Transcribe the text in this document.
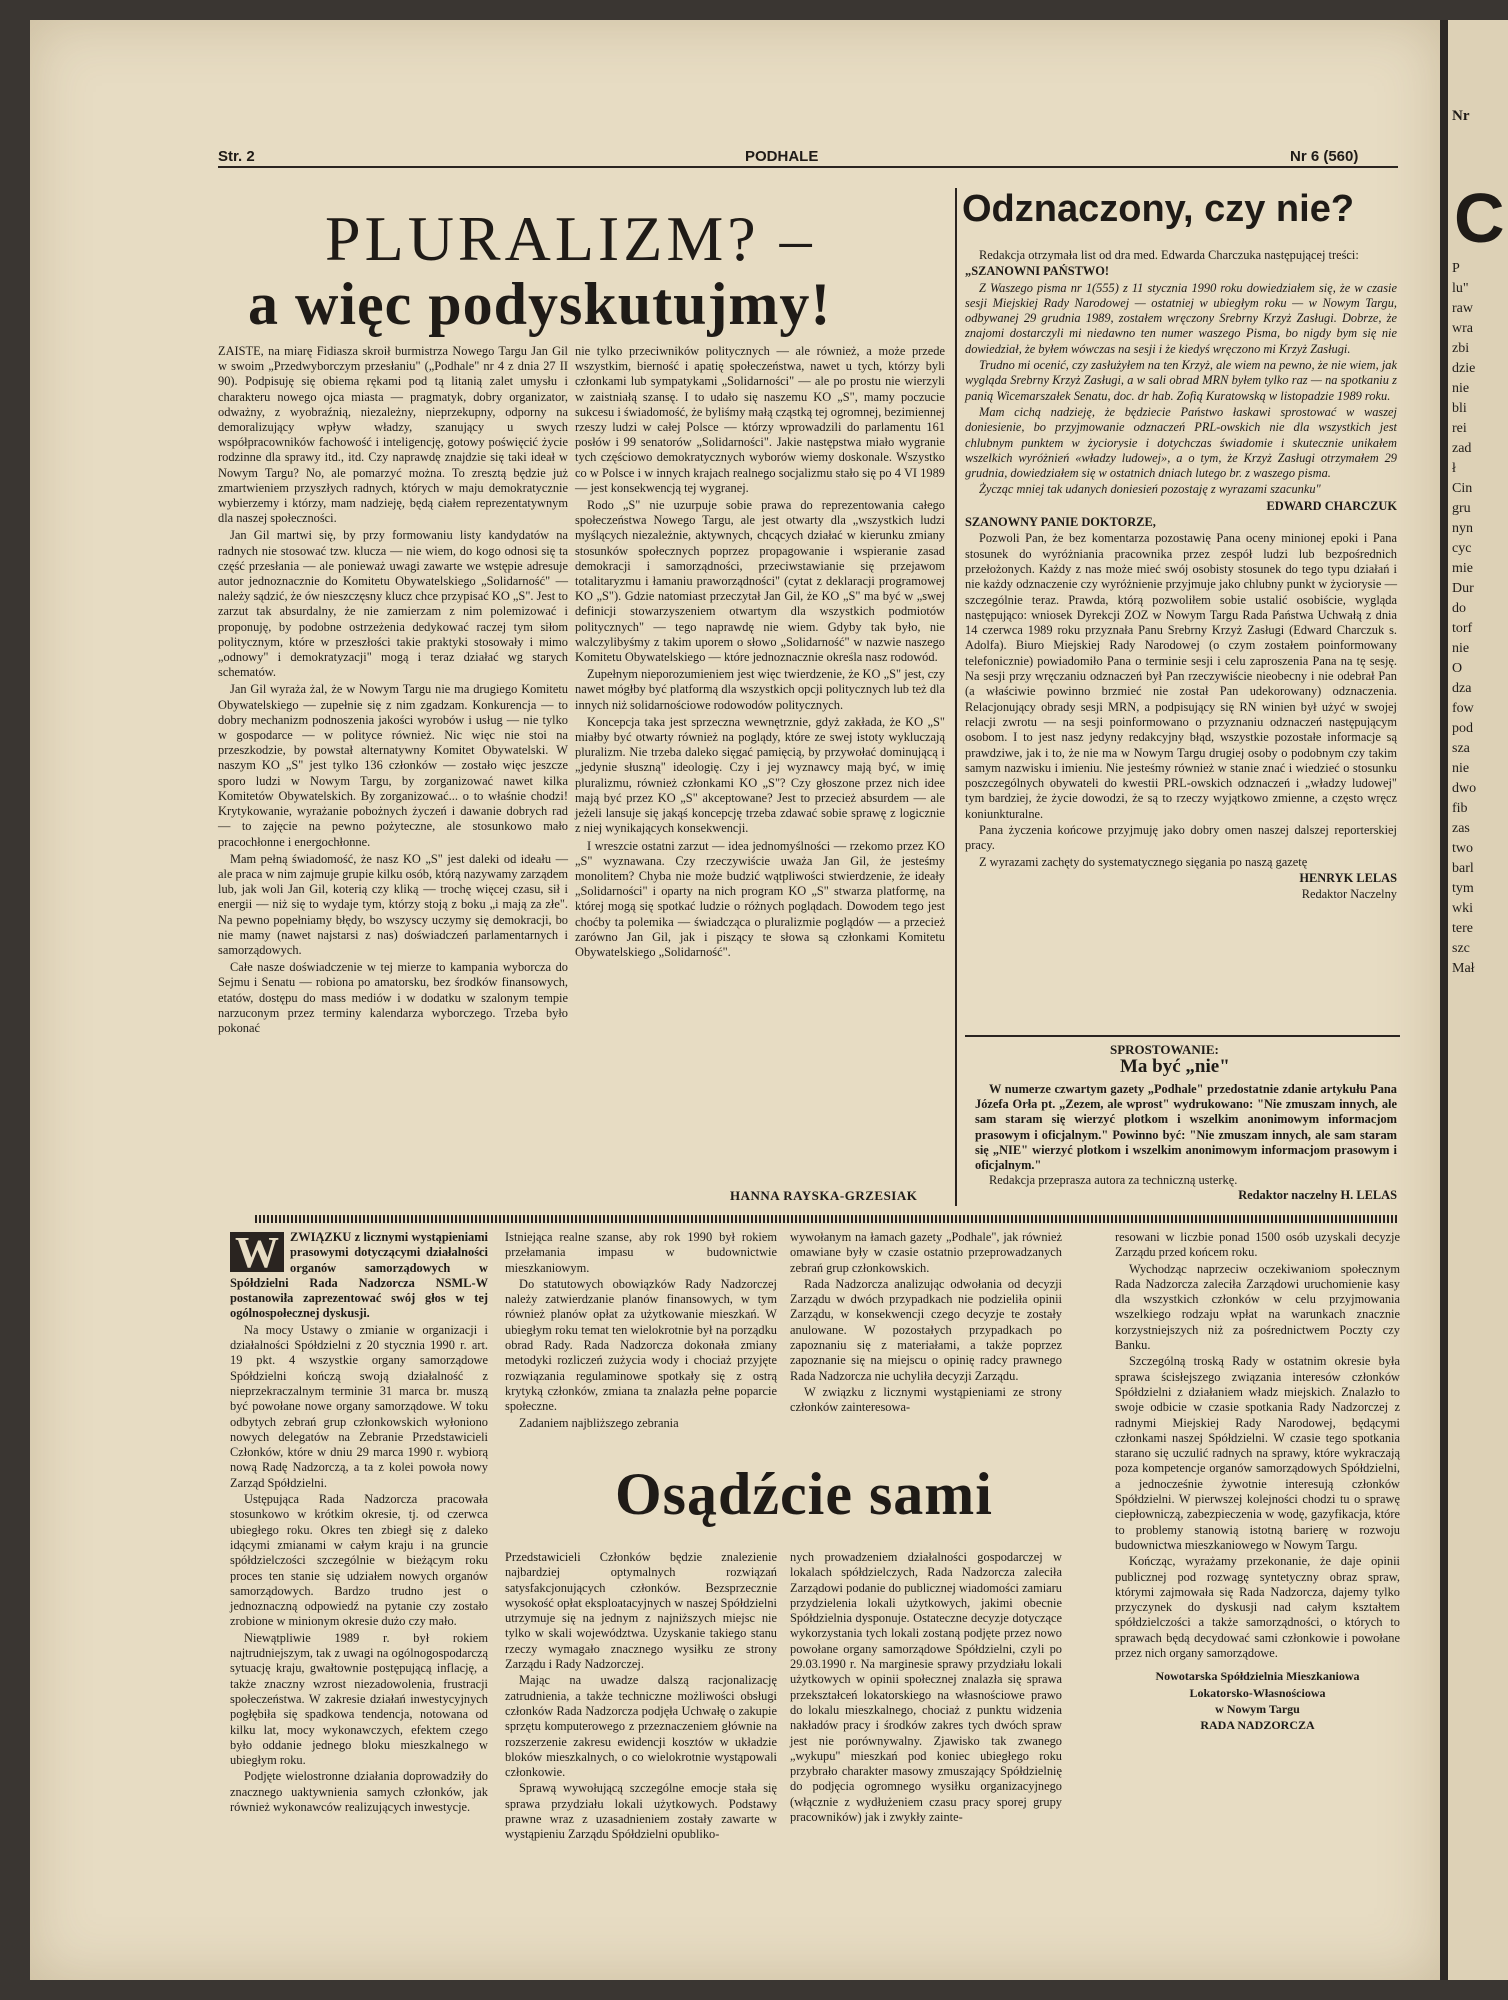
Str. 2	PODHALE	Nr 6 (560)
PLURALIZM? –
a więc podyskutujmy!

ZAISTE, na miarę Fidiasza skroił burmistrza Nowego Targu Jan Gil w swoim „Przedwyborczym przesłaniu" („Podhale" nr 4 z dnia 27 II 90). Podpisuję się obiema rękami pod tą litanią zalet umysłu i charakteru nowego ojca miasta — pragmatyk, dobry organizator, odważny, z wyobraźnią, niezależny, nieprzekupny, odporny na demoralizujący wpływ władzy, szanujący u swych współpracowników fachowość i inteligencję, gotowy poświęcić życie rodzinne dla sprawy itd., itd. Czy naprawdę znajdzie się taki ideał w Nowym Targu? No, ale pomarzyć można. To zresztą będzie już zmartwieniem przyszłych radnych, których w maju demokratycznie wybierzemy i którzy, mam nadzieję, będą ciałem reprezentatywnym dla naszej społeczności.

Jan Gil martwi się, by przy formowaniu listy kandydatów na radnych nie stosować tzw. klucza — nie wiem, do kogo odnosi się ta część przesłania — ale ponieważ uwagi zawarte we wstępie adresuje autor jednoznacznie do Komitetu Obywatelskiego „Solidarność" — należy sądzić, że ów nieszczęsny klucz chce przypisać KO „S". Jest to zarzut tak absurdalny, że nie zamierzam z nim polemizować i proponuję, by podobne ostrzeżenia dedykować raczej tym siłom politycznym, które w przeszłości takie praktyki stosowały i mimo „odnowy" i demokratyzacji" mogą i teraz działać wg starych schematów.

Jan Gil wyraża żal, że w Nowym Targu nie ma drugiego Komitetu Obywatelskiego — zupełnie się z nim zgadzam. Konkurencja — to dobry mechanizm podnoszenia jakości wyrobów i usług — nie tylko w gospodarce — w polityce również. Nic więc nie stoi na przeszkodzie, by powstał alternatywny Komitet Obywatelski. W naszym KO „S" jest tylko 136 członków — zostało więc jeszcze sporo ludzi w Nowym Targu, by zorganizować nawet kilka Komitetów Obywatelskich. By zorganizować... o to właśnie chodzi! Krytykowanie, wyrażanie pobożnych życzeń i dawanie dobrych rad — to zajęcie na pewno pożyteczne, ale stosunkowo mało pracochłonne i energochłonne.

Mam pełną świadomość, że nasz KO „S" jest daleki od ideału — ale praca w nim zajmuje grupie kilku osób, którą nazywamy zarządem lub, jak woli Jan Gil, koterią czy kliką — trochę więcej czasu, sił i energii — niż się to wydaje tym, którzy stoją z boku „i mają za złe". Na pewno popełniamy błędy, bo wszyscy uczymy się demokracji, bo nie mamy (nawet najstarsi z nas) doświadczeń parlamentarnych i samorządowych.

Całe nasze doświadczenie w tej mierze to kampania wyborcza do Sejmu i Senatu — robiona po amatorsku, bez środków finansowych, etatów, dostępu do mass mediów i w dodatku w szalonym tempie narzuconym przez terminy kalendarza wyborczego. Trzeba było pokonać

nie tylko przeciwników politycznych — ale również, a może przede wszystkim, bierność i apatię społeczeństwa, nawet u tych, którzy byli członkami lub sympatykami „Solidarności" — ale po prostu nie wierzyli w zaistniałą szansę. I to udało się naszemu KO „S", mamy poczucie sukcesu i świadomość, że byliśmy małą cząstką tej ogromnej, bezimiennej rzeszy ludzi w całej Polsce — którzy wprowadzili do parlamentu 161 posłów i 99 senatorów „Solidarności". Jakie następstwa miało wygranie tych częściowo demokratycznych wyborów wiemy doskonale. Wszystko co w Polsce i w innych krajach realnego socjalizmu stało się po 4 VI 1989 — jest konsekwencją tej wygranej.

Rodo „S" nie uzurpuje sobie prawa do reprezentowania całego społeczeństwa Nowego Targu, ale jest otwarty dla „wszystkich ludzi myślących niezależnie, aktywnych, chcących działać w kierunku zmiany stosunków społecznych poprzez propagowanie i wspieranie zasad demokracji i samorządności, przeciwstawianie się przejawom totalitaryzmu i łamaniu praworządności" (cytat z deklaracji programowej KO „S"). Gdzie natomiast przeczytał Jan Gil, że KO „S" ma być w „swej definicji stowarzyszeniem otwartym dla wszystkich podmiotów politycznych" — tego naprawdę nie wiem. Gdyby tak było, nie walczylibyśmy z takim uporem o słowo „Solidarność" w nazwie naszego Komitetu Obywatelskiego — które jednoznacznie określa nasz rodowód.

Zupełnym nieporozumieniem jest więc twierdzenie, że KO „S" jest, czy nawet mógłby być platformą dla wszystkich opcji politycznych lub też dla innych niż solidarnościowe rodowodów politycznych.

Koncepcja taka jest sprzeczna wewnętrznie, gdyż zakłada, że KO „S" miałby być otwarty również na poglądy, które ze swej istoty wykluczają pluralizm. Nie trzeba daleko sięgać pamięcią, by przywołać dominującą i „jedynie słuszną" ideologię. Czy i jej wyznawcy mają być, w imię pluralizmu, również członkami KO „S"? Czy głoszone przez nich idee mają być przez KO „S" akceptowane? Jest to przecież absurdem — ale jeżeli lansuje się jakąś koncepcję trzeba zdawać sobie sprawę z logicznie z niej wynikających konsekwencji.

I wreszcie ostatni zarzut — idea jednomyślności — rzekomo przez KO „S" wyznawana. Czy rzeczywiście uważa Jan Gil, że jesteśmy monolitem? Chyba nie może budzić wątpliwości stwierdzenie, że ideały „Solidarności" i oparty na nich program KO „S" stwarza platformę, na której mogą się spotkać ludzie o różnych poglądach. Dowodem tego jest choćby ta polemika — świadcząca o pluralizmie poglądów — a przecież zarówno Jan Gil, jak i piszący te słowa są członkami Komitetu Obywatelskiego „Solidarność".

HANNA RAYSKA-GRZESIAK
Odznaczony, czy nie?

Redakcja otrzymała list od dra med. Edwarda Charczuka następującej treści:

„SZANOWNI PAŃSTWO!

Z Waszego pisma nr 1(555) z 11 stycznia 1990 roku dowiedziałem się, że w czasie sesji Miejskiej Rady Narodowej — ostatniej w ubiegłym roku — w Nowym Targu, odbywanej 29 grudnia 1989, zostałem wręczony Srebrny Krzyż Zasługi. Dobrze, że znajomi dostarczyli mi niedawno ten numer waszego Pisma, bo nigdy bym się nie dowiedział, że byłem wówczas na sesji i że kiedyś wręczono mi Krzyż Zasługi.

Trudno mi ocenić, czy zasłużyłem na ten Krzyż, ale wiem na pewno, że nie wiem, jak wygląda Srebrny Krzyż Zasługi, a w sali obrad MRN byłem tylko raz — na spotkaniu z panią Wicemarszałek Senatu, doc. dr hab. Zofią Kuratowską w listopadzie 1989 roku.

Mam cichą nadzieję, że będziecie Państwo łaskawi sprostować w waszej doniesienie, bo przyjmowanie odznaczeń PRL-owskich nie dla wszystkich jest chlubnym punktem w życiorysie i dotychczas świadomie i skutecznie unikałem wszelkich wyróżnień «władzy ludowej», a o tym, że Krzyż Zasługi otrzymałem 29 grudnia, dowiedziałem się w ostatnich dniach lutego br. z waszego pisma.

Życząc mniej tak udanych doniesień pozostaję z wyrazami szacunku"

EDWARD CHARCZUK

SZANOWNY PANIE DOKTORZE,

Pozwoli Pan, że bez komentarza pozostawię Pana oceny minionej epoki i Pana stosunek do wyróżniania pracownika przez zespół ludzi lub bezpośrednich przełożonych. Każdy z nas może mieć swój osobisty stosunek do tego typu działań i nie każdy odznaczenie czy wyróżnienie przyjmuje jako chlubny punkt w życiorysie — szczególnie teraz. Prawda, którą pozwoliłem sobie ustalić osobiście, wygląda następująco: wniosek Dyrekcji ZOZ w Nowym Targu Rada Państwa Uchwałą z dnia 14 czerwca 1989 roku przyznała Panu Srebrny Krzyż Zasługi (Edward Charczuk s. Adolfa). Biuro Miejskiej Rady Narodowej (o czym zostałem poinformowany telefonicznie) powiadomiło Pana o terminie sesji i celu zaproszenia Pana na tę sesję. Na sesji przy wręczaniu odznaczeń był Pan rzeczywiście nieobecny i nie odebrał Pan (a właściwie powinno brzmieć nie został Pan udekorowany) odznaczenia. Relacjonujący obrady sesji MRN, a podpisujący się RN winien był użyć w swojej relacji zwrotu — na sesji poinformowano o przyznaniu odznaczeń następującym osobom. I to jest nasz jedyny redakcyjny błąd, wszystkie pozostałe informacje są prawdziwe, jak i to, że nie ma w Nowym Targu drugiej osoby o podobnym czy takim samym nazwisku i imieniu. Nie jesteśmy również w stanie znać i wiedzieć o stosunku poszczególnych obywateli do kwestii PRL-owskich odznaczeń i „władzy ludowej" tym bardziej, że życie dowodzi, że są to rzeczy wyjątkowo zmienne, a często wręcz koniunkturalne.

Pana życzenia końcowe przyjmuję jako dobry omen naszej dalszej reporterskiej pracy.

Z wyrazami zachęty do systematycznego sięgania po naszą gazetę

HENRYK LELAS

Redaktor Naczelny

SPROSTOWANIE:
Ma być „nie"

W numerze czwartym gazety „Podhale" przedostatnie zdanie artykułu Pana Józefa Orła pt. „Zezem, ale wprost" wydrukowano: "Nie zmuszam innych, ale sam staram się wierzyć plotkom i wszelkim anonimowym informacjom prasowym i oficjalnym." Powinno być: "Nie zmuszam innych, ale sam staram się „NIE" wierzyć plotkom i wszelkim anonimowym informacjom prasowym i oficjalnym."

Redakcja przeprasza autora za techniczną usterkę.

Redaktor naczelny H. LELAS

W ZWIĄZKU z licznymi wystąpieniami prasowymi dotyczącymi działalności organów samorządowych w Spółdzielni Rada Nadzorcza NSML-W postanowiła zaprezentować swój głos w tej ogólnospołecznej dyskusji.

Na mocy Ustawy o zmianie w organizacji i działalności Spółdzielni z 20 stycznia 1990 r. art. 19 pkt. 4 wszystkie organy samorządowe Spółdzielni kończą swoją działalność z nieprzekraczalnym terminie 31 marca br. muszą być powołane nowe organy samorządowe. W toku odbytych zebrań grup członkowskich wyłoniono nowych delegatów na Zebranie Przedstawicieli Członków, które w dniu 29 marca 1990 r. wybiorą nową Radę Nadzorczą, a ta z kolei powoła nowy Zarząd Spółdzielni.

Ustępująca Rada Nadzorcza pracowała stosunkowo w krótkim okresie, tj. od czerwca ubiegłego roku. Okres ten zbiegł się z daleko idącymi zmianami w całym kraju i na gruncie spółdzielczości szczególnie w bieżącym roku proces ten stanie się udziałem nowych organów samorządowych. Bardzo trudno jest o jednoznaczną odpowiedź na pytanie czy zostało zrobione w minionym okresie dużo czy mało.

Niewątpliwie 1989 r. był rokiem najtrudniejszym, tak z uwagi na ogólnogospodarczą sytuację kraju, gwałtownie postępującą inflację, a także znaczny wzrost niezadowolenia, frustracji społeczeństwa. W zakresie działań inwestycyjnych pogłębiła się spadkowa tendencja, notowana od kilku lat, mocy wykonawczych, efektem czego było oddanie jednego bloku mieszkalnego w ubiegłym roku.

Podjęte wielostronne działania doprowadziły do znacznego uaktywnienia samych członków, jak również wykonawców realizujących inwestycje.

Istniejąca realne szanse, aby rok 1990 był rokiem przełamania impasu w budownictwie mieszkaniowym.

Do statutowych obowiązków Rady Nadzorczej należy zatwierdzanie planów finansowych, w tym również planów opłat za użytkowanie mieszkań. W ubiegłym roku temat ten wielokrotnie był na porządku obrad Rady. Rada Nadzorcza dokonała zmiany metodyki rozliczeń zużycia wody i chociaż przyjęte rozwiązania regulaminowe spotkały się z ostrą krytyką członków, zmiana ta znalazła pełne poparcie społeczne.

Zadaniem najbliższego zebrania

wywołanym na łamach gazety „Podhale", jak również omawiane były w czasie ostatnio przeprowadzanych zebrań grup członkowskich.

Rada Nadzorcza analizując odwołania od decyzji Zarządu w dwóch przypadkach nie podzieliła opinii Zarządu, w konsekwencji czego decyzje te zostały anulowane. W pozostałych przypadkach po zapoznaniu się z materiałami, a także poprzez zapoznanie się na miejscu o opinię radcy prawnego Rada Nadzorcza nie uchyliła decyzji Zarządu.

W związku z licznymi wystąpieniami ze strony członków zainteresowa-

Osądźcie sami

Przedstawicieli Członków będzie znalezienie najbardziej optymalnych rozwiązań satysfakcjonujących członków. Bezsprzecznie wysokość opłat eksploatacyjnych w naszej Spółdzielni utrzymuje się na jednym z najniższych miejsc nie tylko w skali województwa. Uzyskanie takiego stanu rzeczy wymagało znacznego wysiłku ze strony Zarządu i Rady Nadzorczej.

Mając na uwadze dalszą racjonalizację zatrudnienia, a także techniczne możliwości obsługi członków Rada Nadzorcza podjęła Uchwałę o zakupie sprzętu komputerowego z przeznaczeniem głównie na rozszerzenie zakresu ewidencji kosztów w układzie bloków mieszkalnych, o co wielokrotnie wystąpowali członkowie.

Sprawą wywołującą szczególne emocje stała się sprawa przydziału lokali użytkowych. Podstawy prawne wraz z uzasadnieniem zostały zawarte w wystąpieniu Zarządu Spółdzielni opubliko-

nych prowadzeniem działalności gospodarczej w lokalach spółdzielczych, Rada Nadzorcza zaleciła Zarządowi podanie do publicznej wiadomości zamiaru przydzielenia lokali użytkowych, jakimi obecnie Spółdzielnia dysponuje. Ostateczne decyzje dotyczące wykorzystania tych lokali zostaną podjęte przez nowo powołane organy samorządowe Spółdzielni, czyli po 29.03.1990 r. Na marginesie sprawy przydziału lokali użytkowych w opinii społecznej znalazła się sprawa przekształceń lokatorskiego na własnościowe prawo do lokalu mieszkalnego, chociaż z punktu widzenia nakładów pracy i środków zakres tych dwóch spraw jest nie porównywalny. Zjawisko tak zwanego „wykupu" mieszkań pod koniec ubiegłego roku przybrało charakter masowy zmuszający Spółdzielnię do podjęcia ogromnego wysiłku organizacyjnego (włącznie z wydłużeniem czasu pracy sporej grupy pracowników) jak i zwykły zainte-

resowani w liczbie ponad 1500 osób uzyskali decyzje Zarządu przed końcem roku.

Wychodząc naprzeciw oczekiwaniom społecznym Rada Nadzorcza zaleciła Zarządowi uruchomienie kasy dla wszystkich członków w celu przyjmowania wszelkiego rodzaju wpłat na warunkach znacznie korzystniejszych niż za pośrednictwem Poczty czy Banku.

Szczególną troską Rady w ostatnim okresie była sprawa ścisłejszego związania interesów członków Spółdzielni z działaniem władz miejskich. Znalazło to swoje odbicie w czasie spotkania Rady Nadzorczej z radnymi Miejskiej Rady Narodowej, będącymi członkami naszej Spółdzielni. W czasie tego spotkania starano się uczulić radnych na sprawy, które wykraczają poza kompetencje organów samorządowych Spółdzielni, a jednocześnie żywotnie interesują członków Spółdzielni. W pierwszej kolejności chodzi tu o sprawę ciepłowniczą, zabezpieczenia w wodę, gazyfikacja, które to problemy stanowią istotną barierę w rozwoju budownictwa mieszkaniowego w Nowym Targu.

Kończąc, wyrażamy przekonanie, że daje opinii publicznej pod rozwagę syntetyczny obraz spraw, którymi zajmowała się Rada Nadzorcza, dajemy tylko przyczynek do dyskusji nad całym kształtem spółdzielczości a także samorządności, o których to sprawach będą decydować sami członkowie i powołane przez nich organy samorządowe.

Nowotarska Spółdzielnia Mieszkaniowa

Lokatorsko-Własnościowa

w Nowym Targu

RADA NADZORCZA

Nr
C
P
lu"
raw
wra
zbi
dzie
nie
bli
rei
zad
ł
Cin
gru
nyn
cyc
mie
Dur
do
torf
nie
O
dza
fow
pod
sza
nie
dwo
fib
zas
two
barl
tym
wki
tere
szc
Mał
